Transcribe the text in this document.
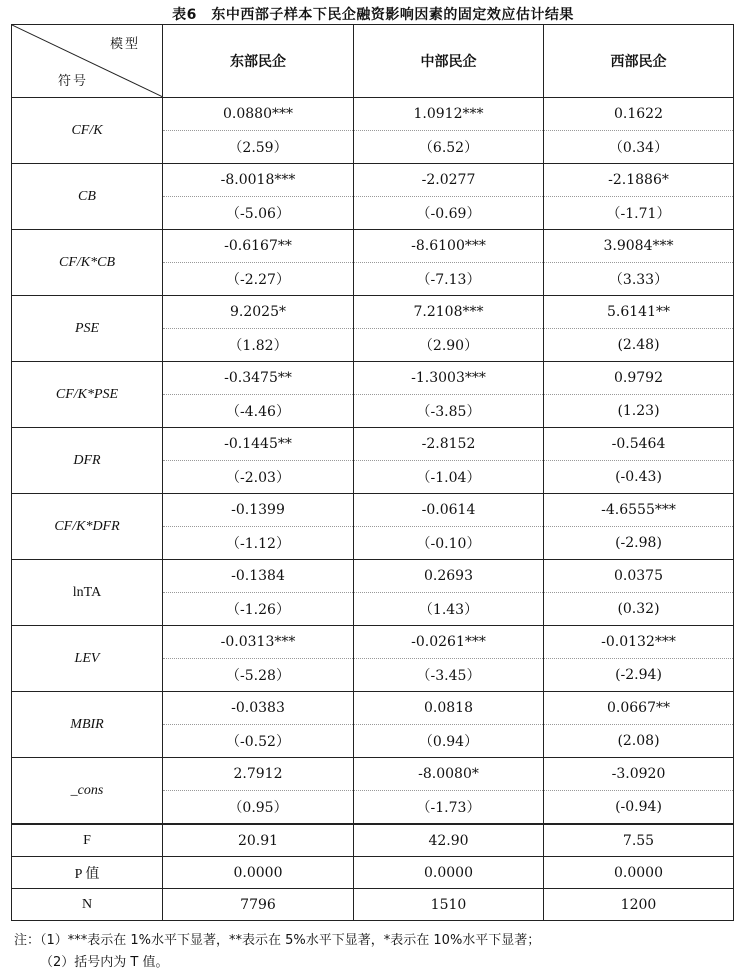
表6　东中西部子样本下民企融资影响因素的固定效应估计结果
模型
符号	东部民企	中部民企	西部民企
CF/K	0.0880***	1.0912***	0.1622
	（2.59）	（6.52）	（0.34）
CB	-8.0018***	-2.0277	-2.1886*
	（-5.06）	（-0.69）	（-1.71）
CF/K*CB	-0.6167**	-8.6100***	3.9084***
	（-2.27）	（-7.13）	（3.33）
PSE	9.2025*	7.2108***	5.6141**
	（1.82）	（2.90）	(2.48)
CF/K*PSE	-0.3475**	-1.3003***	0.9792
	（-4.46）	（-3.85）	(1.23)
DFR	-0.1445**	-2.8152	-0.5464
	（-2.03）	（-1.04）	(-0.43)
CF/K*DFR	-0.1399	-0.0614	-4.6555***
	（-1.12）	（-0.10）	(-2.98)
lnTA	-0.1384	0.2693	0.0375
	（-1.26）	（1.43）	(0.32)
LEV	-0.0313***	-0.0261***	-0.0132***
	（-5.28）	（-3.45）	(-2.94)
MBIR	-0.0383	0.0818	0.0667**
	（-0.52）	（0.94）	(2.08)
_cons	2.7912	-8.0080*	-3.0920
	（0.95）	（-1.73）	(-0.94)
F	20.91	42.90	7.55
P 值	0.0000	0.0000	0.0000
N	7796	1510	1200
注：（1）***表示在 1%水平下显著，**表示在 5%水平下显著，*表示在 10%水平下显著；
（2）括号内为 T 值。
